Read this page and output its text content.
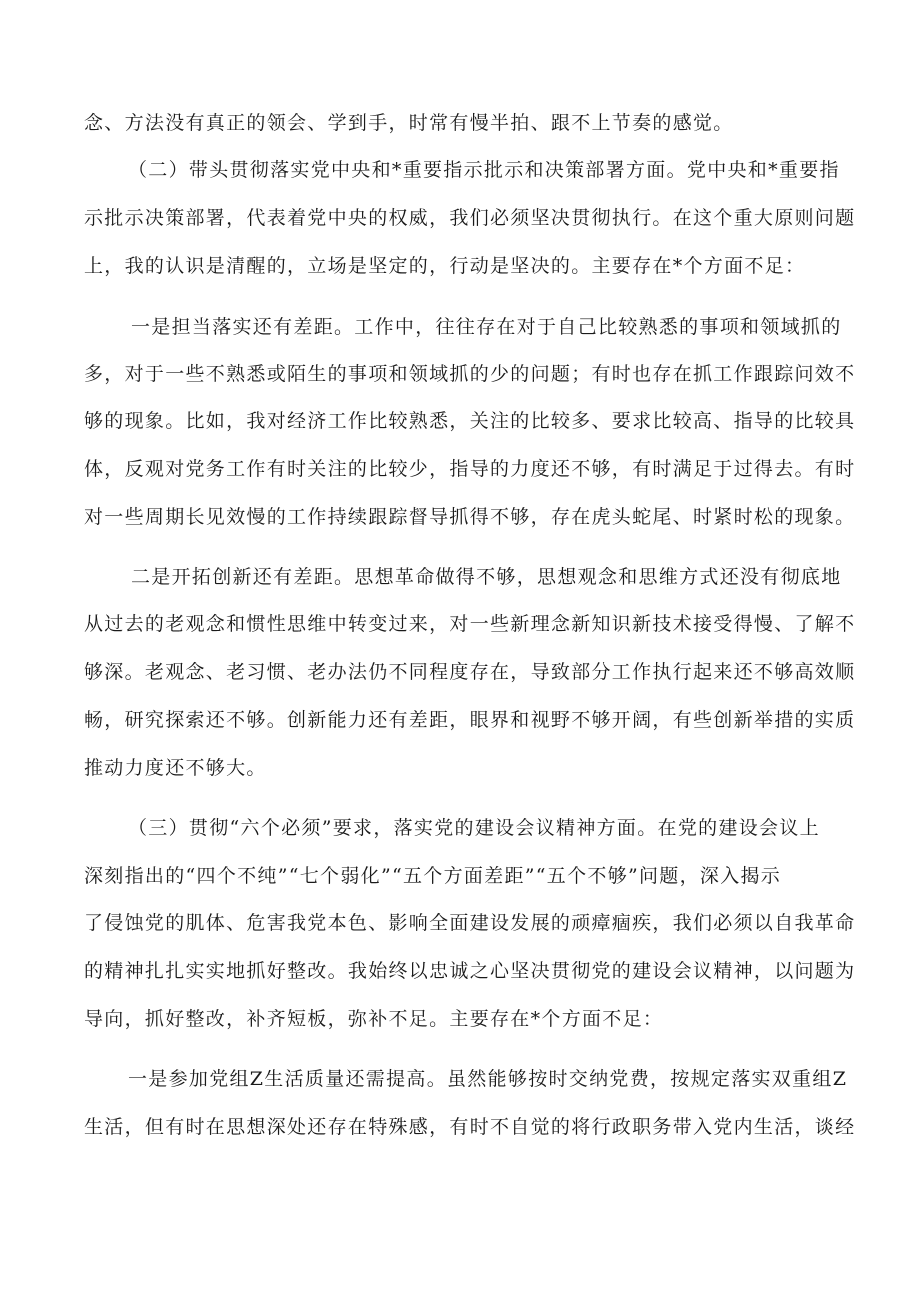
念、方法没有真正的领会、学到手，时常有慢半拍、跟不上节奏的感觉。
（二）带头贯彻落实党中央和*重要指示批示和决策部署方面。党中央和*重要指
示批示决策部署，代表着党中央的权威，我们必须坚决贯彻执行。在这个重大原则问题
上，我的认识是清醒的，立场是坚定的，行动是坚决的。主要存在*个方面不足：
一是担当落实还有差距。工作中，往往存在对于自己比较熟悉的事项和领域抓的
多，对于一些不熟悉或陌生的事项和领域抓的少的问题；有时也存在抓工作跟踪问效不
够的现象。比如，我对经济工作比较熟悉，关注的比较多、要求比较高、指导的比较具
体，反观对党务工作有时关注的比较少，指导的力度还不够，有时满足于过得去。有时
对一些周期长见效慢的工作持续跟踪督导抓得不够，存在虎头蛇尾、时紧时松的现象。
二是开拓创新还有差距。思想革命做得不够，思想观念和思维方式还没有彻底地
从过去的老观念和惯性思维中转变过来，对一些新理念新知识新技术接受得慢、了解不
够深。老观念、老习惯、老办法仍不同程度存在，导致部分工作执行起来还不够高效顺
畅，研究探索还不够。创新能力还有差距，眼界和视野不够开阔，有些创新举措的实质
推动力度还不够大。
（三）贯彻“六个必须”要求，落实党的建设会议精神方面。在党的建设会议上
深刻指出的“四个不纯”“七个弱化”“五个方面差距”“五个不够”问题，深入揭示
了侵蚀党的肌体、危害我党本色、影响全面建设发展的顽瘴痼疾，我们必须以自我革命
的精神扎扎实实地抓好整改。我始终以忠诚之心坚决贯彻党的建设会议精神，以问题为
导向，抓好整改，补齐短板，弥补不足。主要存在*个方面不足：
一是参加党组Z生活质量还需提高。虽然能够按时交纳党费，按规定落实双重组Z
生活，但有时在思想深处还存在特殊感，有时不自觉的将行政职务带入党内生活，谈经
